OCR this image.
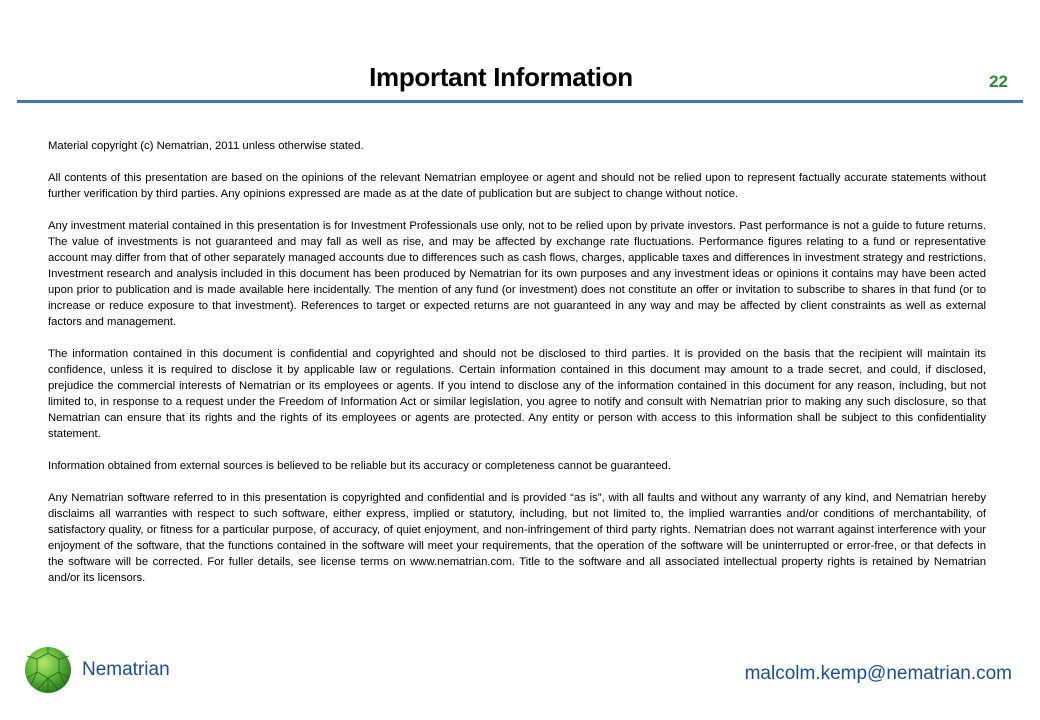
Important Information	22

Material copyright (c) Nematrian, 2011 unless otherwise stated.

All contents of this presentation are based on the opinions of the relevant Nematrian employee or agent and should not be relied upon to represent factually accurate statements without further verification by third parties. Any opinions expressed are made as at the date of publication but are subject to change without notice.

Any investment material contained in this presentation is for Investment Professionals use only, not to be relied upon by private investors. Past performance is not a guide to future returns. The value of investments is not guaranteed and may fall as well as rise, and may be affected by exchange rate fluctuations. Performance figures relating to a fund or representative account may differ from that of other separately managed accounts due to differences such as cash flows, charges, applicable taxes and differences in investment strategy and restrictions. Investment research and analysis included in this document has been produced by Nematrian for its own purposes and any investment ideas or opinions it contains may have been acted upon prior to publication and is made available here incidentally. The mention of any fund (or investment) does not constitute an offer or invitation to subscribe to shares in that fund (or to increase or reduce exposure to that investment). References to target or expected returns are not guaranteed in any way and may be affected by client constraints as well as external factors and management.

The information contained in this document is confidential and copyrighted and should not be disclosed to third parties. It is provided on the basis that the recipient will maintain its confidence, unless it is required to disclose it by applicable law or regulations. Certain information contained in this document may amount to a trade secret, and could, if disclosed, prejudice the commercial interests of Nematrian or its employees or agents. If you intend to disclose any of the information contained in this document for any reason, including, but not limited to, in response to a request under the Freedom of Information Act or similar legislation, you agree to notify and consult with Nematrian prior to making any such disclosure, so that Nematrian can ensure that its rights and the rights of its employees or agents are protected. Any entity or person with access to this information shall be subject to this confidentiality statement.

Information obtained from external sources is believed to be reliable but its accuracy or completeness cannot be guaranteed.

Any Nematrian software referred to in this presentation is copyrighted and confidential and is provided “as is”, with all faults and without any warranty of any kind, and Nematrian hereby disclaims all warranties with respect to such software, either express, implied or statutory, including, but not limited to, the implied warranties and/or conditions of merchantability, of satisfactory quality, or fitness for a particular purpose, of accuracy, of quiet enjoyment, and non-infringement of third party rights. Nematrian does not warrant against interference with your enjoyment of the software, that the functions contained in the software will meet your requirements, that the operation of the software will be uninterrupted or error-free, or that defects in the software will be corrected. For fuller details, see license terms on www.nematrian.com. Title to the software and all associated intellectual property rights is retained by Nematrian and/or its licensors.

Nematrian	malcolm.kemp@nematrian.com
